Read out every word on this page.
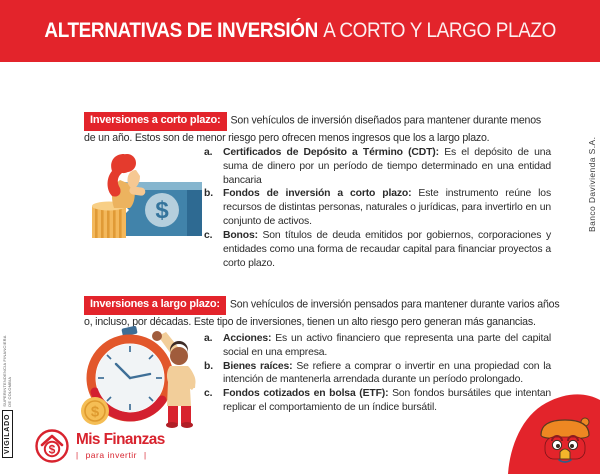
ALTERNATIVAS DE INVERSIÓN A CORTO Y LARGO PLAZO

Inversiones a corto plazo: Son vehículos de inversión diseñados para mantener durante menos de un año. Estos son de menor riesgo pero ofrecen menos ingresos que los a largo plazo.

$
a.	Certificados de Depósito a Término (CDT): Es el depósito de una suma de dinero por un período de tiempo determinado en una entidad bancaria
b. Fondos de inversión a corto plazo: Este instrumento reúne los recursos de distintas personas, naturales o jurídicas, para invertirlo en un conjunto de activos.
c.	Bonos: Son títulos de deuda emitidos por gobiernos, corporaciones y entidades como una forma de recaudar capital para financiar proyectos a corto plazo.

Inversiones a largo plazo: Son vehículos de inversión pensados para mantener durante varios años o, incluso, por décadas. Este tipo de inversiones, tienen un alto riesgo pero generan más ganancias.

$
a.	Acciones: Es un activo financiero que representa una parte del capital social en una empresa.
b. Bienes raíces: Se refiere a comprar o invertir en una propiedad con la intención de mantenerla arrendada durante un período prolongado.
c.	Fondos cotizados en bolsa (ETF): Son fondos bursátiles que intentan replicar el comportamiento de un índice bursátil.
VIGILADO
SUPERINTENDENCIA FINANCIERA
DE COLOMBIA
$
Mis Finanzas
| para invertir |
Banco Davivienda S.A.
